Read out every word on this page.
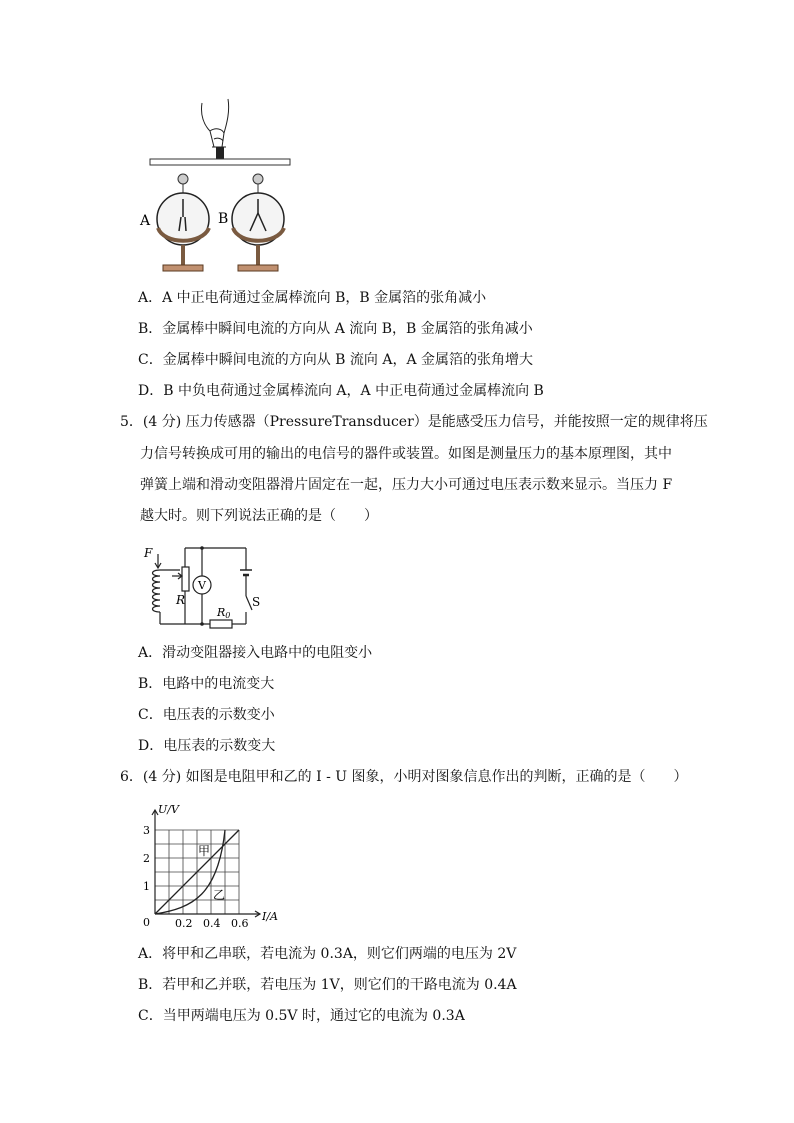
A	B
A．A 中正电荷通过金属棒流向 B，B 金属箔的张角减小
B．金属棒中瞬间电流的方向从 A 流向 B，B 金属箔的张角减小
C．金属棒中瞬间电流的方向从 B 流向 A，A 金属箔的张角增大
D．B 中负电荷通过金属棒流向 A，A 中正电荷通过金属棒流向 B
5．(4 分) 压力传感器（PressureTransducer）是能感受压力信号，并能按照一定的规律将压
力信号转换成可用的输出的电信号的器件或装置。如图是测量压力的基本原理图，其中
弹簧上端和滑动变阻器滑片固定在一起，压力大小可通过电压表示数来显示。当压力 F
越大时。则下列说法正确的是（　　）
F
R
V
R0
S
A．滑动变阻器接入电路中的电阻变小
B．电路中的电流变大
C．电压表的示数变小
D．电压表的示数变大
6．(4 分) 如图是电阻甲和乙的 I - U 图象，小明对图象信息作出的判断，正确的是（　　）
甲
乙
U/V
I/A
0
1
2
3
0.2 0.4 0.6
A．将甲和乙串联，若电流为 0.3A，则它们两端的电压为 2V
B．若甲和乙并联，若电压为 1V，则它们的干路电流为 0.4A
C．当甲两端电压为 0.5V 时，通过它的电流为 0.3A
